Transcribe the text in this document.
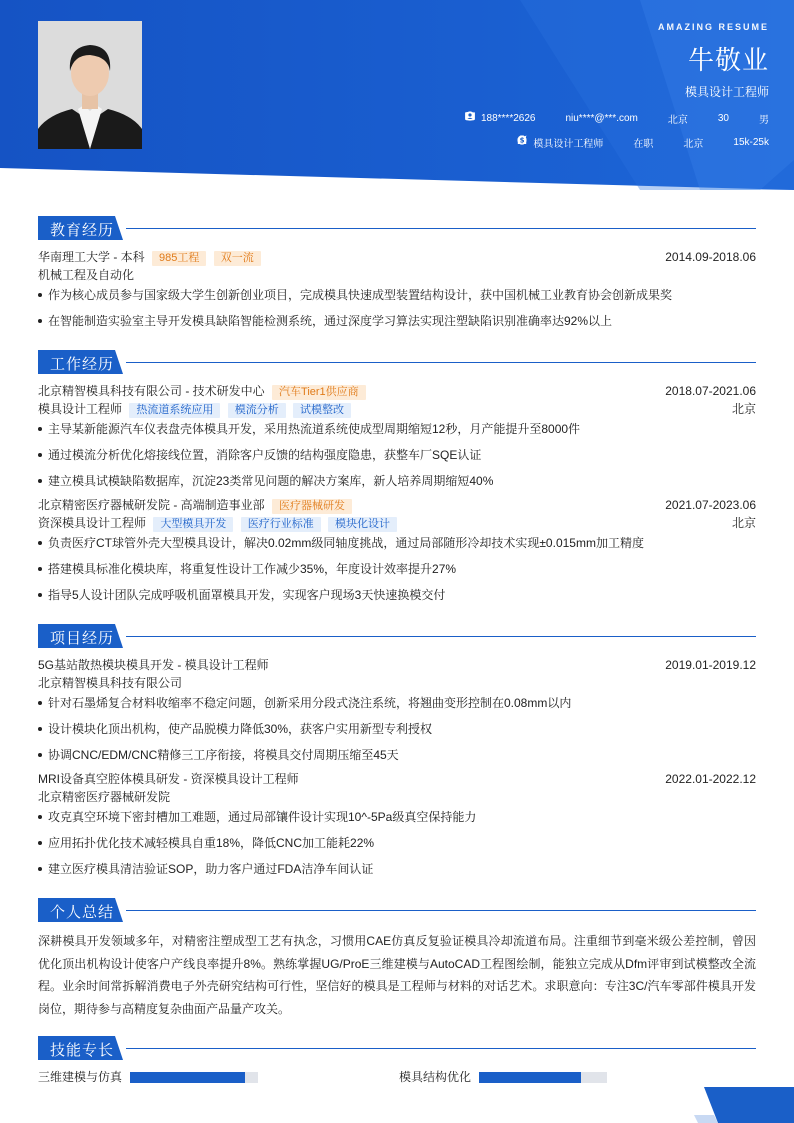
AMAZING RESUME
牛敬业
模具设计工程师
188****2626	niu****@***.com	北京	30	男
模具设计工程师	在职	北京
$	15k-25k
教育经历
华南理工大学 - 本科 985工程 双一流	2014.09-2018.06
机械工程及自动化
作为核心成员参与国家级大学生创新创业项目，完成模具快速成型装置结构设计，获中国机械工业教育协会创新成果奖
在智能制造实验室主导开发模具缺陷智能检测系统，通过深度学习算法实现注塑缺陷识别准确率达92%以上
工作经历
北京精智模具科技有限公司 - 技术研发中心 汽车Tier1供应商	2018.07-2021.06
模具设计工程师 热流道系统应用 模流分析 试模整改	北京
主导某新能源汽车仪表盘壳体模具开发，采用热流道系统使成型周期缩短12秒，月产能提升至8000件
通过模流分析优化熔接线位置，消除客户反馈的结构强度隐患，获整车厂SQE认证
建立模具试模缺陷数据库，沉淀23类常见问题的解决方案库，新人培养周期缩短40%
北京精密医疗器械研发院 - 高端制造事业部 医疗器械研发	2021.07-2023.06
资深模具设计工程师 大型模具开发 医疗行业标准 模块化设计	北京
负责医疗CT球管外壳大型模具设计，解决0.02mm级同轴度挑战，通过局部随形冷却技术实现±0.015mm加工精度
搭建模具标准化模块库，将重复性设计工作减少35%，年度设计效率提升27%
指导5人设计团队完成呼吸机面罩模具开发，实现客户现场3天快速换模交付
项目经历
5G基站散热模块模具开发 - 模具设计工程师	2019.01-2019.12
北京精智模具科技有限公司
针对石墨烯复合材料收缩率不稳定问题，创新采用分段式浇注系统，将翘曲变形控制在0.08mm以内
设计模块化顶出机构，使产品脱模力降低30%，获客户实用新型专利授权
协调CNC/EDM/CNC精修三工序衔接，将模具交付周期压缩至45天
MRI设备真空腔体模具研发 - 资深模具设计工程师	2022.01-2022.12
北京精密医疗器械研发院
攻克真空环境下密封槽加工难题，通过局部镶件设计实现10^-5Pa级真空保持能力
应用拓扑优化技术减轻模具自重18%，降低CNC加工能耗22%
建立医疗模具清洁验证SOP，助力客户通过FDA洁净车间认证
个人总结
深耕模具开发领域多年，对精密注塑成型工艺有执念，习惯用CAE仿真反复验证模具冷却流道布局。注重细节到毫米级公差控制，曾因优化顶出机构设计使客户产线良率提升8%。熟练掌握UG/ProE三维建模与AutoCAD工程图绘制，能独立完成从Dfm评审到试模整改全流程。业余时间常拆解消费电子外壳研究结构可行性，坚信好的模具是工程师与材料的对话艺术。求职意向：专注3C/汽车零部件模具开发岗位，期待参与高精度复杂曲面产品量产攻关。
技能专长
三维建模与仿真	模具结构优化
